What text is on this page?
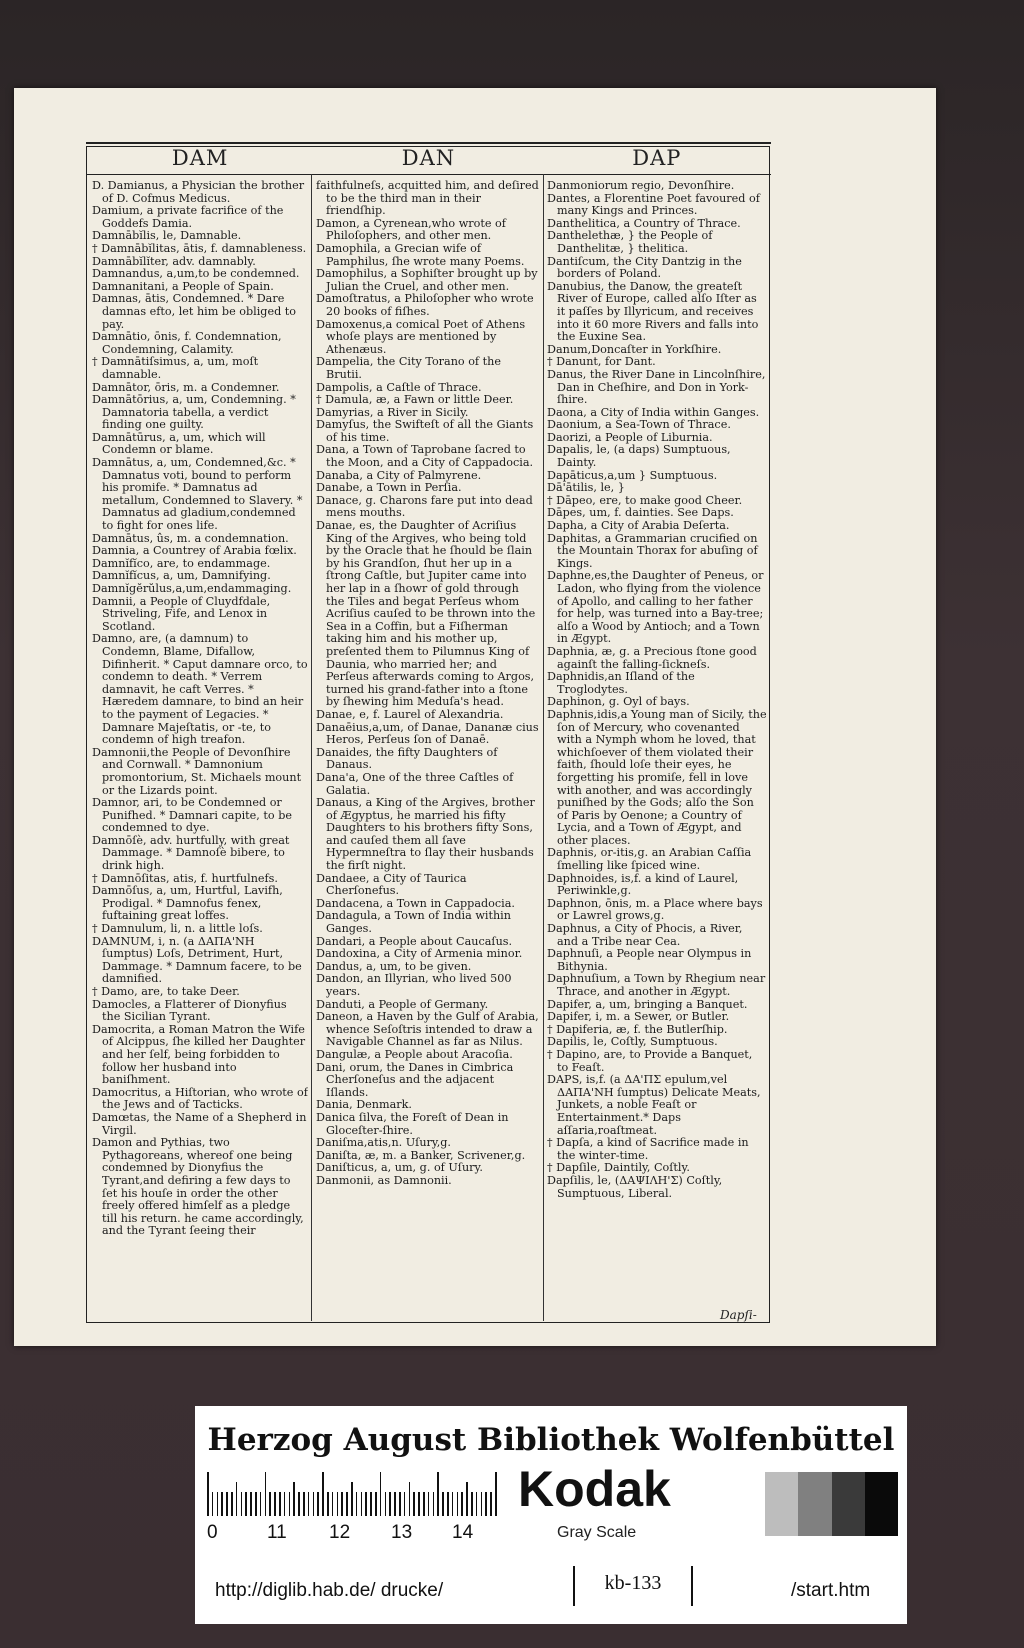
DAM	DAN	DAP

D. Damianus, a Physician the brother of D. Cofmus Medicus.

Damium, a private facrifice of the Goddefs Damia.

Damnābĭlis, le, Damnable.

† Damnābĭlitas, ātis, f. damnableness.

Damnābĭlĭter, adv. damnably.

Damnandus, a,um,to be condemned.

Damnanitani, a People of Spain.

Damnas, ātis, Condemned. * Dare damnas efto, let him be obliged to pay.

Damnātio, ōnis, f. Condemnation, Condemning, Calamity.

† Damnātiſsimus, a, um, moſt damnable.

Damnātor, ōris, m. a Condemner.

Damnātōrius, a, um, Condemning. * Damnatoria tabella, a verdict finding one guilty.

Damnātūrus, a, um, which will Condemn or blame.

Damnātus, a, um, Condemned,&c. * Damnatus voti, bound to perform his promife. * Damnatus ad metallum, Condemned to Slavery. * Damnatus ad gladium,condemned to fight for ones life.

Damnātus, ûs, m. a condemnation.

Damnia, a Countrey of Arabia fœlix.

Damnĭfĭco, are, to endammage.

Damnĭfĭcus, a, um, Damnifying.

Damnĭgĕrŭlus,a,um,endammaging.

Damnii, a People of Cluydfdale, Striveling, Fife, and Lenox in Scotland.

Damno, are, (a damnum) to Condemn, Blame, Difallow, Difinherit. * Caput damnare orco, to condemn to death. * Verrem damnavit, he caft Verres. * Hæredem damnare, to bind an heir to the payment of Legacies. * Damnare Majeſtatis, or -te, to condemn of high treafon.

Damnonii,the People of Devonſhire and Cornwall. * Damnonium promontorium, St. Michaels mount or the Lizards point.

Damnor, ari, to be Condemned or Punifhed. * Damnari capite, to be condemned to dye.

Damnōſè, adv. hurtfully, with great Dammage. * Damnoſè bibere, to drink high.

† Damnōſitas, atis, f. hurtfulnefs.

Damnōſus, a, um, Hurtful, Lavifh, Prodigal. * Damnofus fenex, fuftaining great loffes.

† Damnulum, li, n. a little loſs.

DAMNUM, i, n. (a ΔΑΠΑ'ΝΗ ſumptus) Loſs, Detriment, Hurt, Dammage. * Damnum facere, to be damnified.

† Damo, are, to take Deer.

Damocles, a Flatterer of Dionyfius the Sicilian Tyrant.

Damocrita, a Roman Matron the Wife of Alcippus, ſhe killed her Daughter and her ſelf, being forbidden to follow her husband into baniſhment.

Damocritus, a Hiſtorian, who wrote of the Jews and of Tacticks.

Damœtas, the Name of a Shepherd in Virgil.

Damon and Pythias, two Pythagoreans, whereof one being condemned by Dionyfius the Tyrant,and defiring a few days to ſet his houſe in order the other freely offered himſelf as a pledge till his return. he came accordingly, and the Tyrant ſeeing their

faithfulneſs, acquitted him, and deſired to be the third man in their friendſhip.

Damon, a Cyrenean,who wrote of Philoſophers, and other men.

Damophila, a Grecian wife of Pamphilus, ſhe wrote many Poems.

Damophilus, a Sophiſter brought up by Julian the Cruel, and other men.

Damoſtratus, a Philoſopher who wrote 20 books of fiſhes.

Damoxenus,a comical Poet of Athens whoſe plays are mentioned by Athenæus.

Dampelia, the City Torano of the Brutii.

Dampolis, a Caſtle of Thrace.

† Damula, æ, a Fawn or little Deer.

Damyrias, a River in Sicily.

Damyſus, the Swifteſt of all the Giants of his time.

Dana, a Town of Taprobane ſacred to the Moon, and a City of Cappadocia.

Danaba, a City of Palmyrene.

Danabe, a Town in Perſia.

Danace, g. Charons fare put into dead mens mouths.

Danae, es, the Daughter of Acriſius King of the Argives, who being told by the Oracle that he ſhould be ſlain by his Grandſon, ſhut her up in a ſtrong Caſtle, but Jupiter came into her lap in a ſhowr of gold through the Tiles and begat Perſeus whom Acriſius cauſed to be thrown into the Sea in a Coffin, but a Fiſherman taking him and his mother up, preſented them to Pilumnus King of Daunia, who married her; and Perſeus afterwards coming to Argos, turned his grand-father into a ſtone by ſhewing him Meduſa's head.

Danae, e, f. Laurel of Alexandria.

Danaēius,a,um, of Danae, Dananæ cius Heros, Perſeus ſon of Danaē.

Danaides, the fifty Daughters of Danaus.

Dana'a, One of the three Caſtles of Galatia.

Danaus, a King of the Argives, brother of Ægyptus, he married his fifty Daughters to his brothers fifty Sons, and cauſed them all ſave Hypermneſtra to ſlay their husbands the firſt night.

Dandaee, a City of Taurica Cherſonefus.

Dandacena, a Town in Cappadocia.

Dandagula, a Town of India within Ganges.

Dandari, a People about Caucaſus.

Dandoxina, a City of Armenia minor.

Dandus, a, um, to be given.

Dandon, an Illyrian, who lived 500 years.

Danduti, a People of Germany.

Daneon, a Haven by the Gulf of Arabia, whence Seſoſtris intended to draw a Navigable Channel as far as Nilus.

Dangulæ, a People about Aracoſia.

Dani, orum, the Danes in Cimbrica Cherſoneſus and the adjacent Iſlands.

Dania, Denmark.

Danica ſilva, the Foreſt of Dean in Gloceſter-ſhire.

Daniſma,atis,n. Uſury,g.

Daniſta, æ, m. a Banker, Scrivener,g.

Daniſticus, a, um, g. of Uſury.

Danmonii, as Damnonii.

Danmoniorum regio, Devonſhire.

Dantes, a Florentine Poet favoured of many Kings and Princes.

Danthelitica, a Country of Thrace.

Danthelethæ, } the People of Danthelitæ, } thelitica.

Dantiſcum, the City Dantzig in the borders of Poland.

Danubius, the Danow, the greateſt River of Europe, called alſo Iſter as it paſſes by Illyricum, and receives into it 60 more Rivers and falls into the Euxine Sea.

Danum,Doncaſter in Yorkſhire.

† Danunt, for Dant.

Danus, the River Dane in Lincolnſhire, Dan in Cheſhire, and Don in York-ſhire.

Daona, a City of India within Ganges.

Daonium, a Sea-Town of Thrace.

Daorizi, a People of Liburnia.

Dapalis, le, (a daps) Sumptuous, Dainty.

Dapāticus,a,um } Sumptuous.

Dā'ātilis, le, }

† Dāpeo, ere, to make good Cheer.

Dāpes, um, f. dainties. See Daps.

Dapha, a City of Arabia Deſerta.

Daphitas, a Grammarian crucified on the Mountain Thorax for abuſing of Kings.

Daphne,es,the Daughter of Peneus, or Ladon, who flying from the violence of Apollo, and calling to her father for help, was turned into a Bay-tree; alſo a Wood by Antioch; and a Town in Ægypt.

Daphnia, æ, g. a Precious ſtone good againſt the falling-ſickneſs.

Daphnidis,an Iſland of the Troglodytes.

Daphinon, g. Oyl of bays.

Daphnis,idis,a Young man of Sicily, the ſon of Mercury, who covenanted with a Nymph whom he loved, that whichſoever of them violated their faith, ſhould loſe their eyes, he forgetting his promiſe, fell in love with another, and was accordingly puniſhed by the Gods; alſo the Son of Paris by Oenone; a Country of Lycia, and a Town of Ægypt, and other places.

Daphnis, or-itis,g. an Arabian Caſſia ſmelling like ſpiced wine.

Daphnoides, is,f. a kind of Laurel, Periwinkle,g.

Daphnon, ōnis, m. a Place where bays or Lawrel grows,g.

Daphnus, a City of Phocis, a River, and a Tribe near Cea.

Daphnuſi, a People near Olympus in Bithynia.

Daphnuſium, a Town by Rhegium near Thrace, and another in Ægypt.

Dapifer, a, um, bringing a Banquet.

Dapifer, i, m. a Sewer, or Butler.

† Dapiferia, æ, f. the Butlerſhip.

Dapilis, le, Coſtly, Sumptuous.

† Dapino, are, to Provide a Banquet, to Feaſt.

DAPS, is,f. (a ΔΑ'ΠΣ epulum,vel ΔΑΠΑ'ΝΗ ſumptus) Delicate Meats, Junkets, a noble Feaſt or Entertainment.* Daps aſſaria,roaſtmeat.

† Dapſa, a kind of Sacrifice made in the winter-time.

† Dapſile, Daintily, Coſtly.

Dapſilis, le, (ΔΑΨΙΛΗ'Σ) Coſtly, Sumptuous, Liberal.

Dapſi-
Herzog August Bibliothek Wolfenbüttel
0	11 12 13 14
Kodak
Gray Scale
http://diglib.hab.de/ drucke/	kb-133	/start.htm
